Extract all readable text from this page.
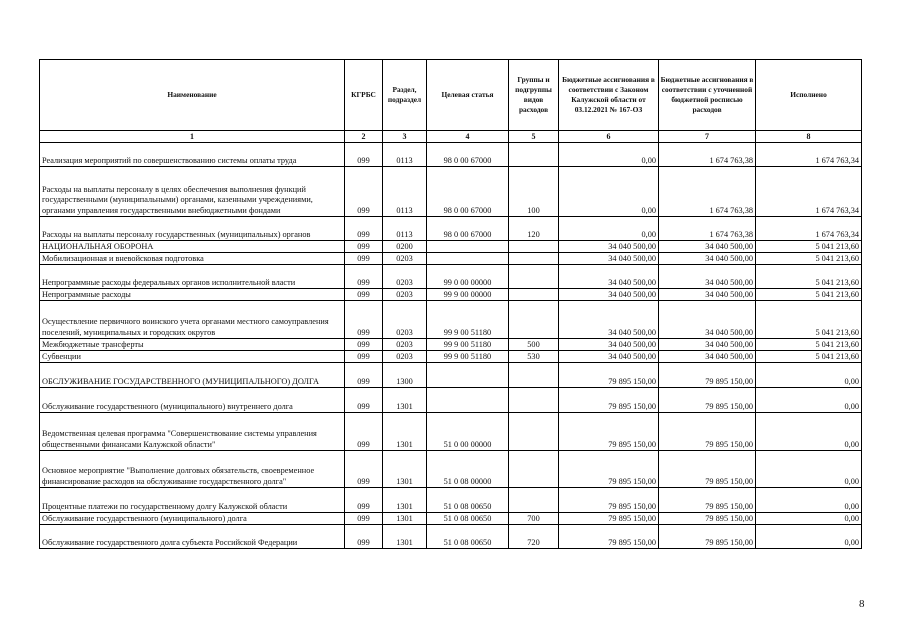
Наименование	КГРБС	Раздел, подраздел	Целевая статья	Группы и подгруппы видов расходов	Бюджетные ассигнования в соответствии с Законом Калужской области от 03.12.2021 № 167-ОЗ	Бюджетные ассигнования в соответствии с уточненной бюджетной росписью расходов	Исполнено
1	2	3	4	5	6	7	8
Реализация мероприятий по совершенствованию системы оплаты труда	099	0113	98 0 00 67000		0,00	1 674 763,38	1 674 763,34
Расходы на выплаты персоналу в целях обеспечения выполнения функций государственными (муниципальными) органами, казенными учреждениями, органами управления государственными внебюджетными фондами	099	0113	98 0 00 67000	100	0,00	1 674 763,38	1 674 763,34
Расходы на выплаты персоналу государственных (муниципальных) органов	099	0113	98 0 00 67000	120	0,00	1 674 763,38	1 674 763,34
НАЦИОНАЛЬНАЯ ОБОРОНА	099	0200			34 040 500,00	34 040 500,00	5 041 213,60
Мобилизационная и вневойсковая подготовка	099	0203			34 040 500,00	34 040 500,00	5 041 213,60
Непрограммные расходы федеральных органов исполнительной власти	099	0203	99 0 00 00000		34 040 500,00	34 040 500,00	5 041 213,60
Непрограммные расходы	099	0203	99 9 00 00000		34 040 500,00	34 040 500,00	5 041 213,60
Осуществление первичного воинского учета органами местного самоуправления поселений, муниципальных и городских округов	099	0203	99 9 00 51180		34 040 500,00	34 040 500,00	5 041 213,60
Межбюджетные трансферты	099	0203	99 9 00 51180	500	34 040 500,00	34 040 500,00	5 041 213,60
Субвенции	099	0203	99 9 00 51180	530	34 040 500,00	34 040 500,00	5 041 213,60
ОБСЛУЖИВАНИЕ ГОСУДАРСТВЕННОГО (МУНИЦИПАЛЬНОГО) ДОЛГА	099	1300			79 895 150,00	79 895 150,00	0,00
Обслуживание государственного (муниципального) внутреннего долга	099	1301			79 895 150,00	79 895 150,00	0,00
Ведомственная целевая программа "Совершенствование системы управления общественными финансами Калужской области"	099	1301	51 0 00 00000		79 895 150,00	79 895 150,00	0,00
Основное мероприятие "Выполнение долговых обязательств, своевременное финансирование расходов на обслуживание государственного долга"	099	1301	51 0 08 00000		79 895 150,00	79 895 150,00	0,00
Процентные платежи по государственному долгу Калужской области	099	1301	51 0 08 00650		79 895 150,00	79 895 150,00	0,00
Обслуживание государственного (муниципального) долга	099	1301	51 0 08 00650	700	79 895 150,00	79 895 150,00	0,00
Обслуживание государственного долга субъекта Российской Федерации	099	1301	51 0 08 00650	720	79 895 150,00	79 895 150,00	0,00
8
